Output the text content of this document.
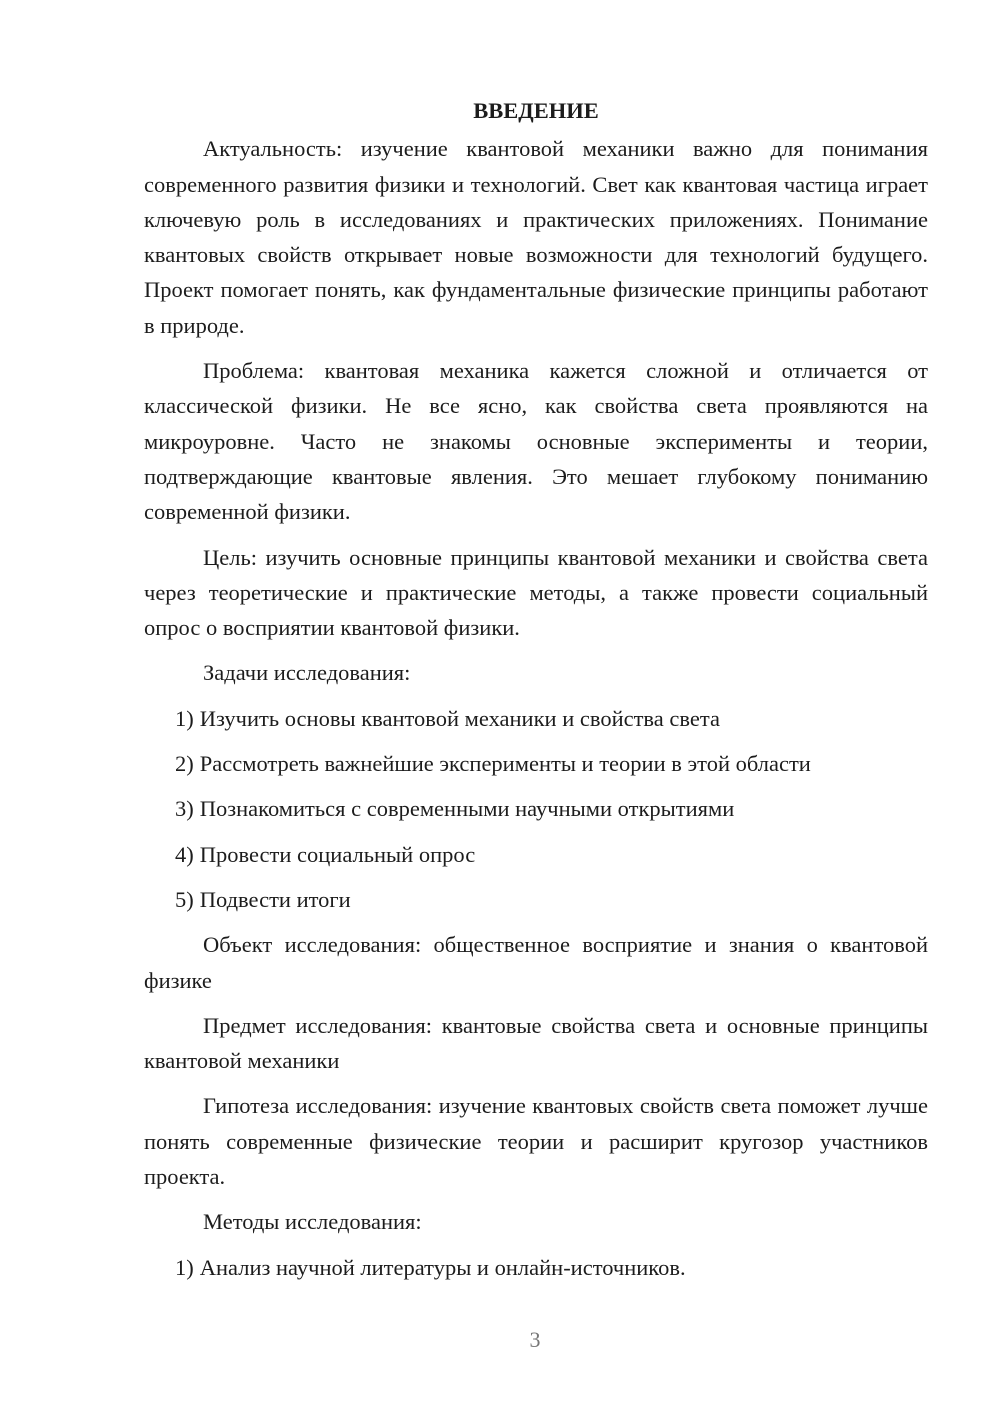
ВВЕДЕНИЕ

Актуальность: изучение квантовой механики важно для понимания современного развития физики и технологий. Свет как квантовая частица играет ключевую роль в исследованиях и практических приложениях. Понимание квантовых свойств открывает новые возможности для технологий будущего. Проект помогает понять, как фундаментальные физические принципы работают в природе.

Проблема: квантовая механика кажется сложной и отличается от классической физики. Не все ясно, как свойства света проявляются на микроуровне. Часто не знакомы основные эксперименты и теории, подтверждающие квантовые явления. Это мешает глубокому пониманию современной физики.

Цель: изучить основные принципы квантовой механики и свойства света через теоретические и практические методы, а также провести социальный опрос о восприятии квантовой физики.

Задачи исследования:

1) Изучить основы квантовой механики и свойства света
2) Рассмотреть важнейшие эксперименты и теории в этой области
3) Познакомиться с современными научными открытиями
4) Провести социальный опрос
5) Подвести итоги

Объект исследования: общественное восприятие и знания о квантовой физике

Предмет исследования: квантовые свойства света и основные принципы квантовой механики

Гипотеза исследования: изучение квантовых свойств света поможет лучше понять современные физические теории и расширит кругозор участников проекта.

Методы исследования:

1) Анализ научной литературы и онлайн-источников.
3
